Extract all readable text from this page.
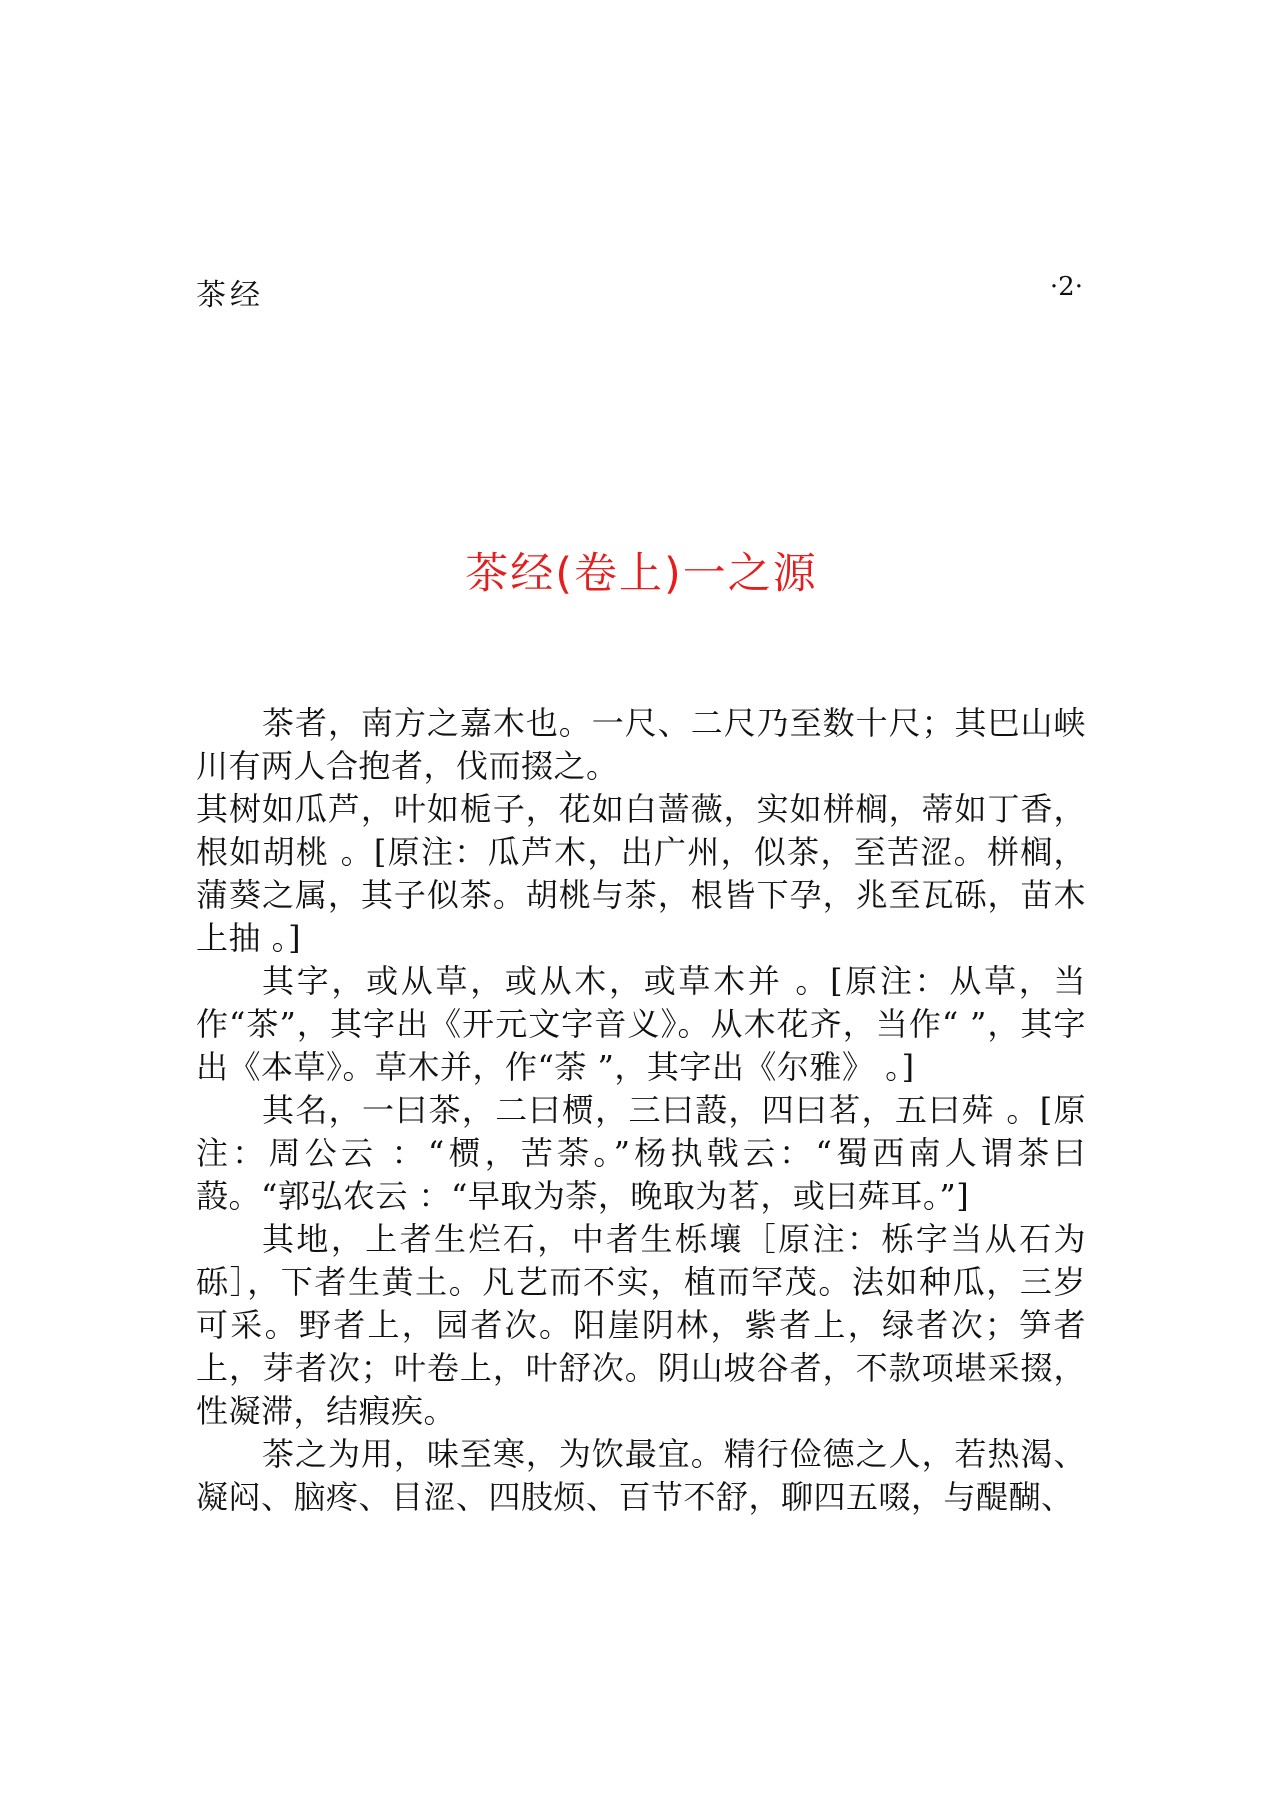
茶经	·2·
茶经(卷上)一之源

茶者，南方之嘉木也。一尺、二尺乃至数十尺；其巴山峡川有两人合抱者，伐而掇之。

其树如瓜芦，叶如栀子，花如白蔷薇，实如栟榈，蒂如丁香，根如胡桃 。[原注：瓜芦木，出广州，似茶，至苦涩。栟榈，蒲葵之属，其子似茶。胡桃与茶，根皆下孕，兆至瓦砾，苗木上抽 。]

其字，或从草，或从木，或草木并 。[原注：从草，当作“茶”，其字出《开元文字音义》。从木花齐，当作“ ”，其字出《本草》。草木并，作“荼 ”，其字出《尔雅》 。]

其名，一曰茶，二曰槚，三曰蔎，四曰茗，五曰荈 。[原注：周公云 ：“槚，苦荼。”杨执戟云：“蜀西南人谓茶曰蔎。“郭弘农云 ：“早取为荼，晚取为茗，或曰荈耳。”]

其地，上者生烂石，中者生栎壤［原注：栎字当从石为砾］，下者生黄土。凡艺而不实，植而罕茂。法如种瓜，三岁可采。野者上，园者次。阳崖阴林，紫者上，绿者次；笋者上，芽者次；叶卷上，叶舒次。阴山坡谷者，不款项堪采掇，性凝滞，结瘕疾。

茶之为用，味至寒，为饮最宜。精行俭德之人，若热渴、凝闷、脑疼、目涩、四肢烦、百节不舒，聊四五啜，与醍醐、
